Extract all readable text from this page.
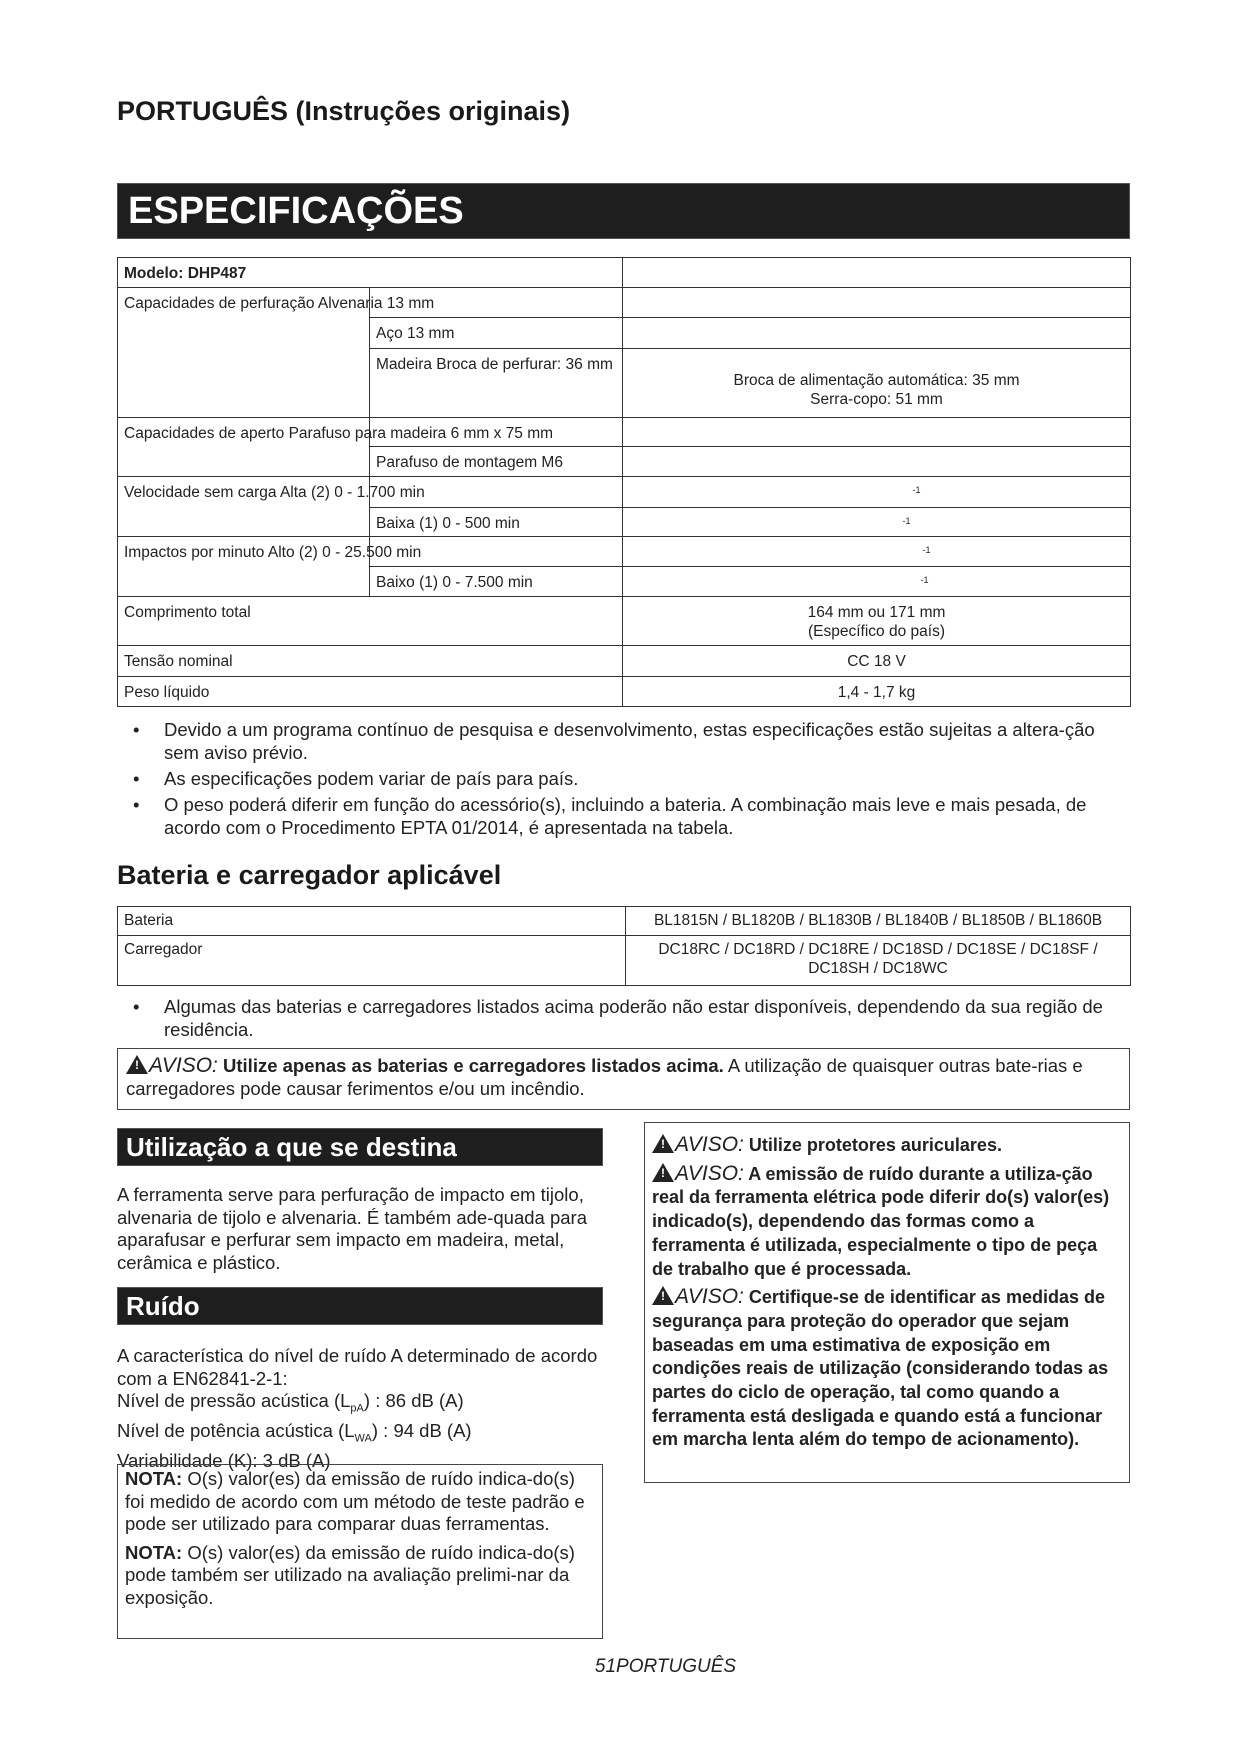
PORTUGUÊS (Instruções originais)
ESPECIFICAÇÕES
Modelo: DHP487		
Capacidades de perfuração Alvenaria 13 mm		
	Aço 13 mm	
	Madeira Broca de perfurar: 36 mm	Broca de alimentação automática: 35 mm
Serra-copo: 51 mm
Capacidades de aperto Parafuso para madeira 6 mm x 75 mm		
	Parafuso de montagem M6	
Velocidade sem carga Alta (2) 0 - 1.700 min		-1

	Baixa (1) 0 - 500 min	-1

Impactos por minuto Alto (2) 0 - 25.500 min		-1

	Baixo (1) 0 - 7.500 min	-1

Comprimento total		164 mm ou 171 mm
(Específico do país)
Tensão nominal		CC 18 V
Peso líquido		1,4 - 1,7 kg
• Devido a um programa contínuo de pesquisa e desenvolvimento, estas especificações estão sujeitas a altera-ção sem aviso prévio.
• As especificações podem variar de país para país.
• O peso poderá diferir em função do acessório(s), incluindo a bateria. A combinação mais leve e mais pesada, de acordo com o Procedimento EPTA 01/2014, é apresentada na tabela.
Bateria e carregador aplicável
Bateria	BL1815N / BL1820B / BL1830B / BL1840B / BL1850B / BL1860B
Carregador	DC18RC / DC18RD / DC18RE / DC18SD / DC18SE / DC18SF / DC18SH / DC18WC
• Algumas das baterias e carregadores listados acima poderão não estar disponíveis, dependendo da sua região de residência.
!AVISO: Utilize apenas as baterias e carregadores listados acima. A utilização de quaisquer outras bate-rias e carregadores pode causar ferimentos e/ou um incêndio.
Utilização a que se destina
A ferramenta serve para perfuração de impacto em tijolo, alvenaria de tijolo e alvenaria. É também ade-quada para aparafusar e perfurar sem impacto em madeira, metal, cerâmica e plástico.
Ruído
A característica do nível de ruído A determinado de acordo com a EN62841-2-1:
Nível de pressão acústica $(L_{pA})$ : 86 dB (A)
Nível de potência acústica $(L_{WA})$ : 94 dB (A)
Variabilidade (K): 3 dB (A)

NOTA: O(s) valor(es) da emissão de ruído indica-do(s) foi medido de acordo com um método de teste padrão e pode ser utilizado para comparar duas ferramentas.

NOTA: O(s) valor(es) da emissão de ruído indica-do(s) pode também ser utilizado na avaliação prelimi-nar da exposição.

!AVISO: Utilize protetores auriculares.

!AVISO: A emissão de ruído durante a utiliza-ção real da ferramenta elétrica pode diferir do(s) valor(es) indicado(s), dependendo das formas como a ferramenta é utilizada, especialmente o tipo de peça de trabalho que é processada.

!AVISO: Certifique-se de identificar as medidas de segurança para proteção do operador que sejam baseadas em uma estimativa de exposição em condições reais de utilização (considerando todas as partes do ciclo de operação, tal como quando a ferramenta está desligada e quando está a funcionar em marcha lenta além do tempo de acionamento).

51PORTUGUÊS
